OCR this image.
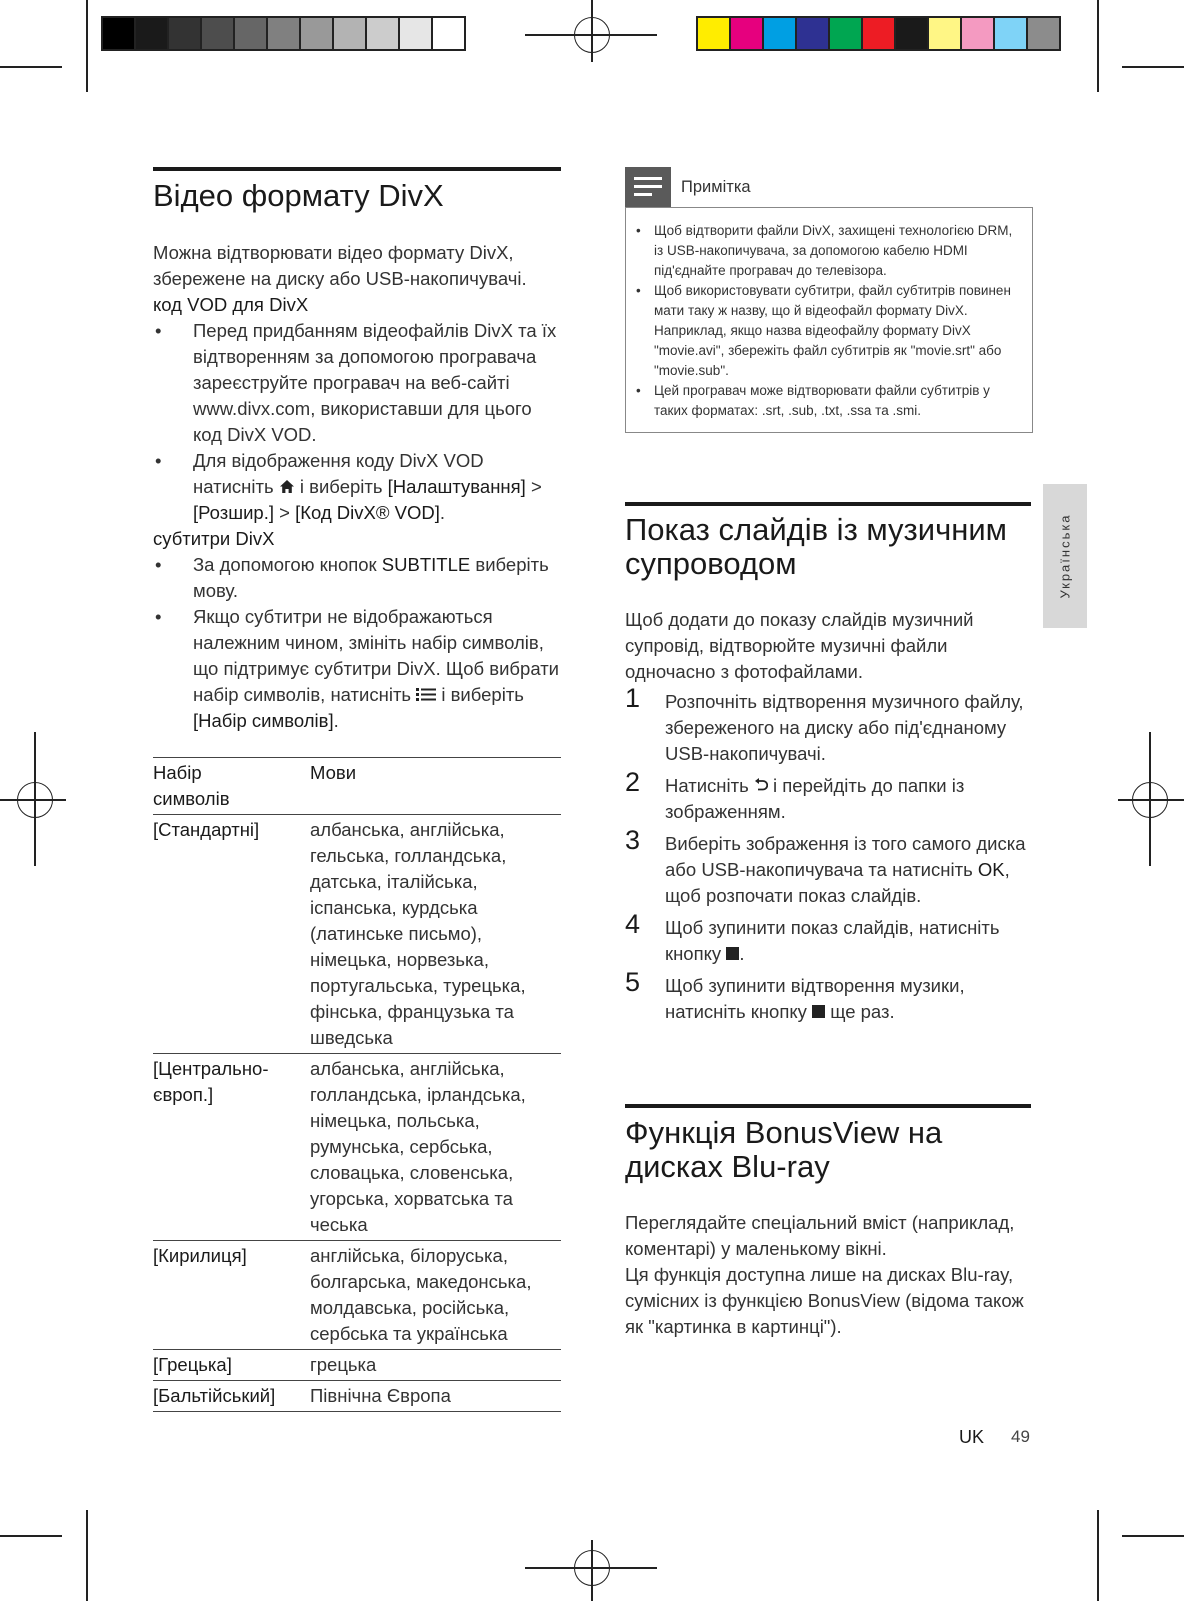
Відео формату DivX
Можна відтворювати відео формату DivX, збережене на диску або USB-накопичувачі.
код VOD для DivX
• Перед придбанням відеофайлів DivX та їх відтворенням за допомогою програвача зареєструйте програвач на веб-сайті www.divx.com, використавши для цього код DivX VOD.
• Для відображення коду DivX VOD натисніть і виберіть [Налаштування] > [Розшир.] > [Код DivX® VOD].
субтитри DivX
• За допомогою кнопок SUBTITLE виберіть мову.
• Якщо субтитри не відображаються належним чином, змініть набір символів, що підтримує субтитри DivX. Щоб вибрати набір символів, натисніть і виберіть [Набір символів].
Набір символів	Мови
[Стандартні]	албанська, англійська, гельська, голландська, датська, італійська, іспанська, курдська (латинське письмо), німецька, норвезька, португальська, турецька, фінська, французька та шведська
[Центрально-європ.]	албанська, англійська, голландська, ірландська, німецька, польська, румунська, сербська, словацька, словенська, угорська, хорватська та чеська
[Кирилиця]	англійська, білоруська, болгарська, македонська, молдавська, російська, сербська та українська
[Грецька]	грецька
[Бальтійський]	Північна Європа
Примітка
• Щоб відтворити файли DivX, захищені технологією DRM, із USB-накопичувача, за допомогою кабелю HDMI під'єднайте програвач до телевізора.
• Щоб використовувати субтитри, файл субтитрів повинен мати таку ж назву, що й відеофайл формату DivX. Наприклад, якщо назва відеофайлу формату DivX "movie.avi", збережіть файл субтитрів як "movie.srt" або "movie.sub".
• Цей програвач може відтворювати файли субтитрів у таких форматах: .srt, .sub, .txt, .ssa та .smi.
Показ слайдів із музичним супроводом
Щоб додати до показу слайдів музичний супровід, відтворюйте музичні файли одночасно з фотофайлами.
1 Розпочніть відтворення музичного файлу, збереженого на диску або під'єднаному USB-накопичувачі.
2 Натисніть і перейдіть до папки із зображенням.
3 Виберіть зображення із того самого диска або USB-накопичувача та натисніть OK, щоб розпочати показ слайдів.
4 Щоб зупинити показ слайдів, натисніть кнопку .
5 Щоб зупинити відтворення музики, натисніть кнопку ще раз.
Функція BonusView на дисках Blu-ray
Переглядайте спеціальний вміст (наприклад, коментарі) у маленькому вікні.
Ця функція доступна лише на дисках Blu-ray, сумісних із функцією BonusView (відома також як "картинка в картинці").
Українська
UK 49
